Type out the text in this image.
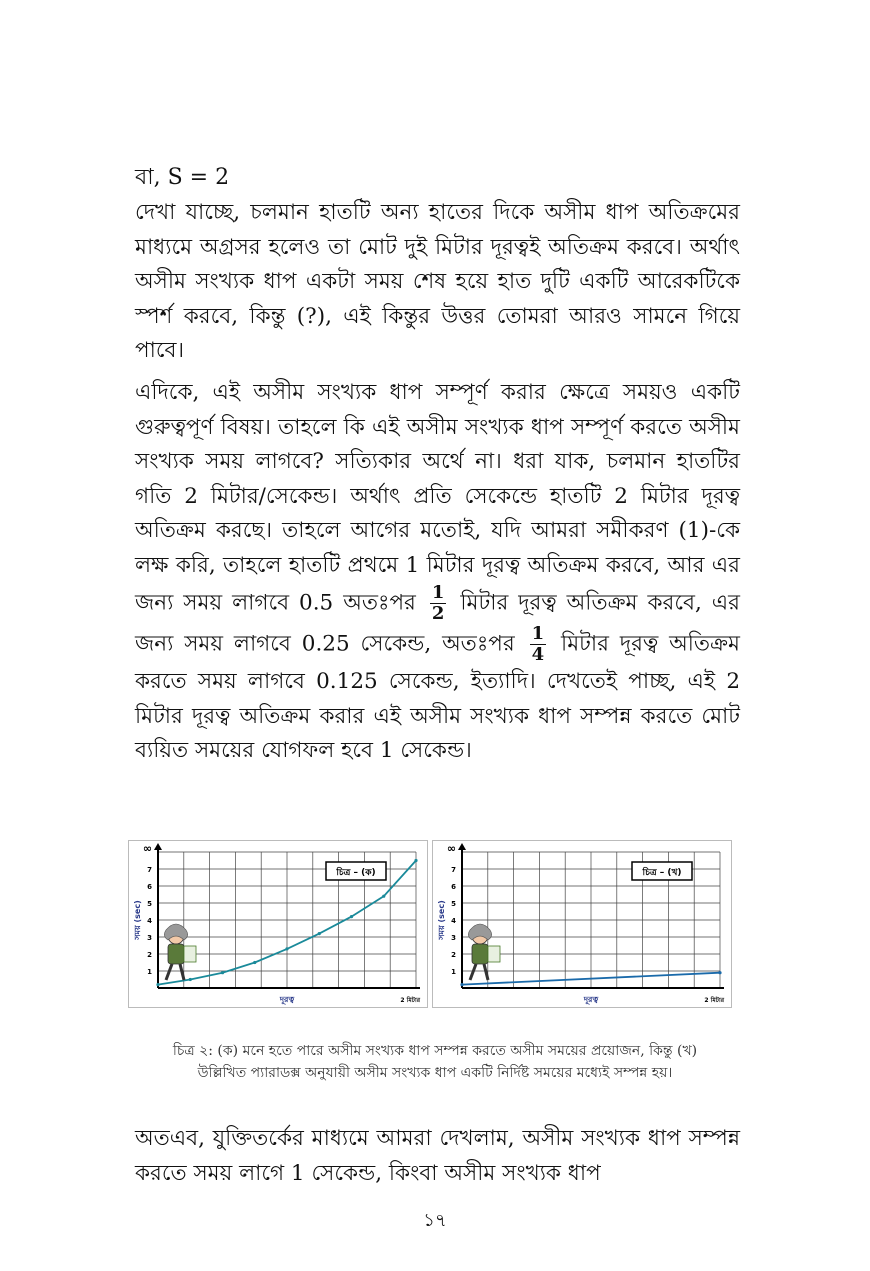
বা, S = 2

দেখা যাচ্ছে, চলমান হাতটি অন্য হাতের দিকে অসীম ধাপ অতিক্রমের মাধ্যমে অগ্রসর হলেও তা মোট দুই মিটার দূরত্বই অতিক্রম করবে। অর্থাৎ অসীম সংখ্যক ধাপ একটা সময় শেষ হয়ে হাত দুটি একটি আরেকটিকে স্পর্শ করবে, কিন্তু (?), এই কিন্তুর উত্তর তোমরা আরও সামনে গিয়ে পাবে।

এদিকে, এই অসীম সংখ্যক ধাপ সম্পূর্ণ করার ক্ষেত্রে সময়ও একটি গুরুত্বপূর্ণ বিষয়। তাহলে কি এই অসীম সংখ্যক ধাপ সম্পূর্ণ করতে অসীম সংখ্যক সময় লাগবে? সত্যিকার অর্থে না। ধরা যাক, চলমান হাতটির গতি 2 মিটার/সেকেন্ড। অর্থাৎ প্রতি সেকেন্ডে হাতটি 2 মিটার দূরত্ব অতিক্রম করছে। তাহলে আগের মতোই, যদি আমরা সমীকরণ (1)-কে লক্ষ করি, তাহলে হাতটি প্রথমে 1 মিটার দূরত্ব অতিক্রম করবে, আর এর জন্য সময় লাগবে 0.5 অতঃপর $\frac{1}{2}$ মিটার দূরত্ব অতিক্রম করবে, এর জন্য সময় লাগবে 0.25 সেকেন্ড, অতঃপর $\frac{1}{4}$ মিটার দূরত্ব অতিক্রম করতে সময় লাগবে 0.125 সেকেন্ড, ইত্যাদি। দেখতেই পাচ্ছ, এই 2 মিটার দূরত্ব অতিক্রম করার এই অসীম সংখ্যক ধাপ সম্পন্ন করতে মোট ব্যয়িত সময়ের যোগফল হবে 1 সেকেন্ড।

1
2
3
4
5
6
7
∞
সময় (sec)
দূরত্ব	2 মিটার
চিত্র – (ক)
1
2
3
4
5
6
7
∞
সময় (sec)
দূরত্ব	2 মিটার
চিত্র – (খ)

চিত্র ২: (ক) মনে হতে পারে অসীম সংখ্যক ধাপ সম্পন্ন করতে অসীম সময়ের প্রয়োজন, কিন্তু (খ) উল্লিখিত প্যারাডক্স অনুযায়ী অসীম সংখ্যক ধাপ একটি নির্দিষ্ট সময়ের মধ্যেই সম্পন্ন হয়।

অতএব, যুক্তিতর্কের মাধ্যমে আমরা দেখলাম, অসীম সংখ্যক ধাপ সম্পন্ন করতে সময় লাগে 1 সেকেন্ড, কিংবা অসীম সংখ্যক ধাপ

১৭
